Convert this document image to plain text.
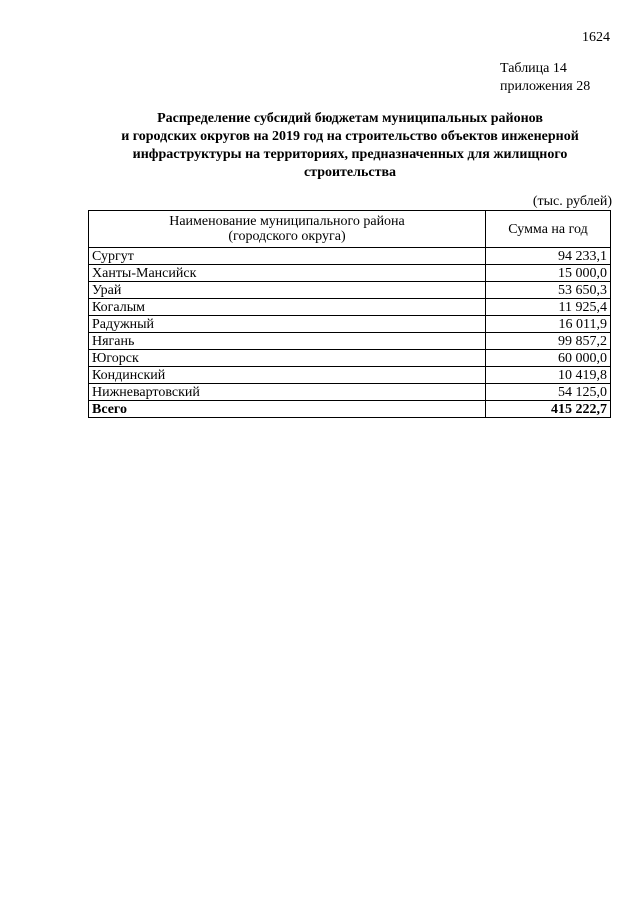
1624
Таблица 14
приложения 28
Распределение субсидий бюджетам муниципальных районов
и городских округов на 2019 год на строительство объектов инженерной
инфраструктуры на территориях, предназначенных для жилищного
строительства
(тыс. рублей)
Наименование муниципального района
(городского округа)	Сумма на год
Сургут	94 233,1
Ханты-Мансийск	15 000,0
Урай	53 650,3
Когалым	11 925,4
Радужный	16 011,9
Нягань	99 857,2
Югорск	60 000,0
Кондинский	10 419,8
Нижневартовский	54 125,0
Всего	415 222,7
